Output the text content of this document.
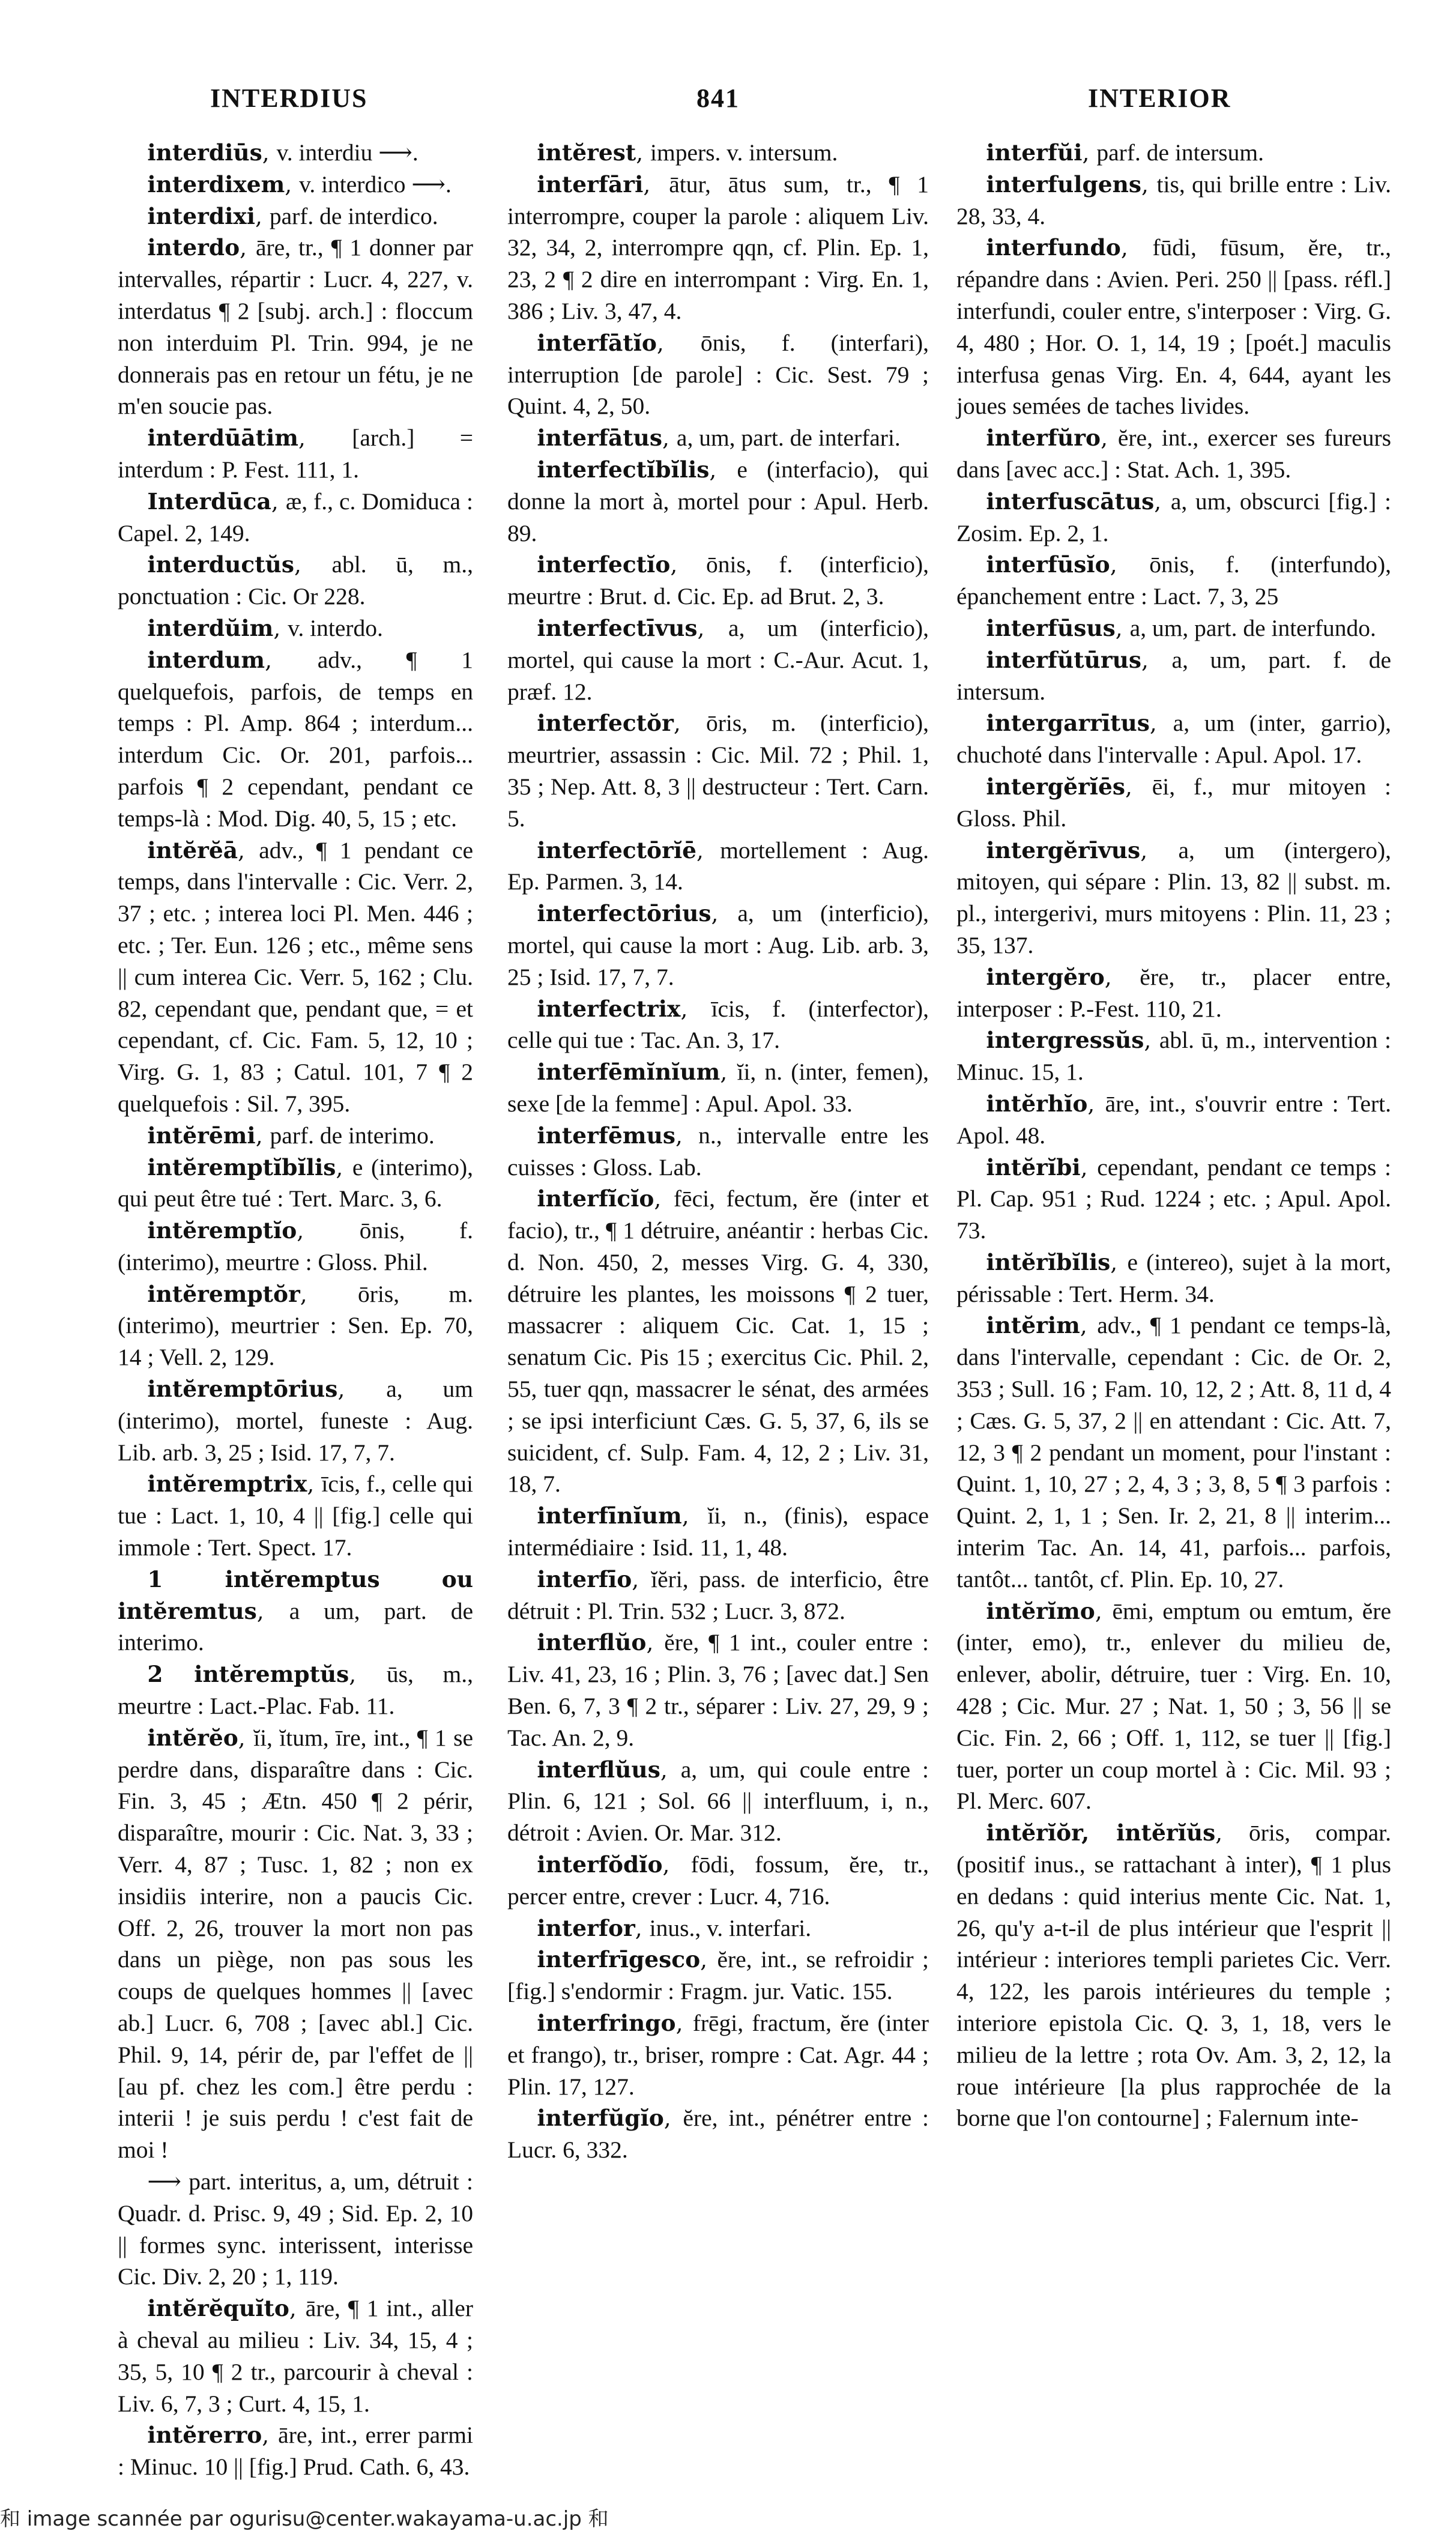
INTERDIUS	841	INTERIOR

interdiūs , v. interdiu ⟶.

interdixem , v. interdico ⟶.

interdixi , parf. de interdico.

interdo , āre, tr., ¶ 1 donner par intervalles, répartir : Lucr. 4, 227, v. interdatus ¶ 2 [subj. arch.] : floccum non interduim Pl. Trin. 994, je ne donnerais pas en retour un fétu, je ne m'en soucie pas.

interdūātim , [arch.] = interdum : P. Fest. 111, 1.

Interdūca , æ, f., c. Domiduca : Capel. 2, 149.

interductŭs , abl. ū, m., ponctuation : Cic. Or 228.

interdŭim , v. interdo.

interdum , adv., ¶ 1 quelquefois, parfois, de temps en temps : Pl. Amp. 864 ; interdum... interdum Cic. Or. 201, parfois... parfois ¶ 2 cependant, pendant ce temps-là : Mod. Dig. 40, 5, 15 ; etc.

intĕrĕā , adv., ¶ 1 pendant ce temps, dans l'intervalle : Cic. Verr. 2, 37 ; etc. ; interea loci Pl. Men. 446 ; etc. ; Ter. Eun. 126 ; etc., même sens || cum interea Cic. Verr. 5, 162 ; Clu. 82, cependant que, pendant que, = et cependant, cf. Cic. Fam. 5, 12, 10 ; Virg. G. 1, 83 ; Catul. 101, 7 ¶ 2 quelquefois : Sil. 7, 395.

intĕrēmi , parf. de interimo.

intĕremptĭbĭlis , e (interimo), qui peut être tué : Tert. Marc. 3, 6.

intĕremptĭo ,	ōnis, f. (interimo), meurtre : Gloss. Phil.

intĕremptŏr , ōris, m. (interimo), meurtrier : Sen. Ep. 70, 14 ; Vell. 2, 129.

intĕremptōrius , a, um (interimo), mortel, funeste : Aug. Lib. arb. 3, 25 ; Isid. 17, 7, 7.

intĕremptrix , īcis, f., celle qui tue : Lact. 1, 10, 4 || [fig.] celle qui immole : Tert. Spect. 17.

1 intĕremptus ou intĕremtus , a um, part. de interimo.

2 intĕremptŭs , ūs, m., meurtre : Lact.-Plac. Fab. 11.

intĕrĕo , ĭi, ĭtum, īre, int., ¶ 1 se perdre dans, disparaître dans : Cic. Fin. 3, 45 ; Ætn. 450 ¶ 2 périr, disparaître, mourir : Cic. Nat. 3, 33 ; Verr. 4, 87 ; Tusc. 1, 82 ; non ex insidiis interire, non a paucis Cic. Off. 2, 26, trouver la mort non pas dans un piège, non pas sous les coups de quelques hommes || [avec ab.] Lucr. 6, 708 ; [avec abl.] Cic. Phil. 9, 14, périr de, par l'effet de || [au pf. chez les com.] être perdu : interii ! je suis perdu ! c'est fait de moi !

⟶ part. interitus, a, um, détruit : Quadr. d. Prisc. 9, 49 ; Sid. Ep. 2, 10 || formes sync. interissent, interisse Cic. Div. 2, 20 ; 1, 119.

intĕrĕquĭto , āre, ¶ 1 int., aller à cheval au milieu : Liv. 34, 15, 4 ; 35, 5, 10 ¶ 2 tr., parcourir à cheval : Liv. 6, 7, 3 ; Curt. 4, 15, 1.

intĕrerro , āre, int., errer parmi : Minuc. 10 || [fig.] Prud. Cath. 6, 43.

intĕrest , impers. v. intersum.

interfāri , ātur, ātus sum, tr., ¶ 1 interrompre, couper la parole : aliquem Liv. 32, 34, 2, interrompre qqn, cf. Plin. Ep. 1, 23, 2 ¶ 2 dire en interrompant : Virg. En. 1, 386 ; Liv. 3, 47, 4.

interfātĭo , ōnis, f. (interfari), interruption [de parole] : Cic. Sest. 79 ; Quint. 4, 2, 50.

interfātus , a, um, part. de interfari.

interfectĭbĭlis , e (interfacio), qui donne la mort à, mortel pour : Apul. Herb. 89.

interfectĭo , ōnis, f. (interficio), meurtre : Brut. d. Cic. Ep. ad Brut. 2, 3.

interfectīvus , a, um (interficio), mortel, qui cause la mort : C.-Aur. Acut. 1, præf. 12.

interfectŏr , ōris, m. (interficio), meurtrier, assassin : Cic. Mil. 72 ; Phil. 1, 35 ; Nep. Att. 8, 3 || destructeur : Tert. Carn. 5.

interfectōrĭē , mortellement : Aug. Ep. Parmen. 3, 14.

interfectōrius , a, um (interficio), mortel, qui cause la mort : Aug. Lib. arb. 3, 25 ; Isid. 17, 7, 7.

interfectrix , īcis, f. (interfector), celle qui tue : Tac. An. 3, 17.

interfēmĭnĭum , ĭi, n. (inter, femen), sexe [de la femme] : Apul. Apol. 33.

interfēmus , n., intervalle entre les cuisses : Gloss. Lab.

interfĭcĭo , fēci, fectum, ĕre (inter et facio), tr., ¶ 1 détruire, anéantir : herbas Cic. d. Non. 450, 2, messes Virg. G. 4, 330, détruire les plantes, les moissons ¶ 2 tuer, massacrer : aliquem Cic. Cat. 1, 15 ; senatum Cic. Pis 15 ; exercitus Cic. Phil. 2, 55, tuer qqn, massacrer le sénat, des armées ; se ipsi interficiunt Cæs. G. 5, 37, 6, ils se suicident, cf. Sulp. Fam. 4, 12, 2 ; Liv. 31, 18, 7.

interfīnĭum , ĭi, n., (finis), espace intermédiaire : Isid. 11, 1, 48.

interfīo , ĭĕri, pass. de interficio, être détruit : Pl. Trin. 532 ; Lucr. 3, 872.

interflŭo , ĕre, ¶ 1 int., couler entre : Liv. 41, 23, 16 ; Plin. 3, 76 ; [avec dat.] Sen Ben. 6, 7, 3 ¶ 2 tr., séparer : Liv. 27, 29, 9 ; Tac. An. 2, 9.

interflŭus , a, um, qui coule entre : Plin. 6, 121 ; Sol. 66 || interfluum, i, n., détroit : Avien. Or. Mar. 312.

interfŏdĭo , fōdi, fossum, ĕre, tr., percer entre, crever : Lucr. 4, 716.

interfor , inus., v. interfari.

interfrīgesco , ĕre, int., se refroidir ; [fig.] s'endormir : Fragm. jur. Vatic. 155.

interfringo , frēgi, fractum, ĕre (inter et frango), tr., briser, rompre : Cat. Agr. 44 ; Plin. 17, 127.

interfŭgĭo , ĕre, int., pénétrer entre : Lucr. 6, 332.

interfŭi , parf. de intersum.

interfulgens , tis, qui brille entre : Liv. 28, 33, 4.

interfundo , fūdi, fūsum, ĕre, tr., répandre dans : Avien. Peri. 250 || [pass. réfl.] interfundi, couler entre, s'interposer : Virg. G. 4, 480 ; Hor. O. 1, 14, 19 ; [poét.] maculis interfusa genas Virg. En. 4, 644, ayant les joues semées de taches livides.

interfŭro , ĕre, int., exercer ses fureurs dans [avec acc.] : Stat. Ach. 1, 395.

interfuscātus , a, um, obscurci [fig.] : Zosim. Ep. 2, 1.

interfūsĭo , ōnis, f. (interfundo), épanchement entre : Lact. 7, 3, 25

interfūsus , a, um, part. de interfundo.

interfŭtūrus , a, um, part. f. de intersum.

intergarrītus , a, um (inter, garrio), chuchoté dans l'intervalle : Apul. Apol. 17.

intergĕrĭēs , ēi, f., mur mitoyen : Gloss. Phil.

intergĕrīvus , a, um (intergero), mitoyen, qui sépare : Plin. 13, 82 || subst. m. pl., intergerivi, murs mitoyens : Plin. 11, 23 ; 35, 137.

intergĕro , ĕre, tr., placer entre, interposer : P.-Fest. 110, 21.

intergressŭs , abl. ū, m., intervention : Minuc. 15, 1.

intĕrhĭo , āre, int., s'ouvrir entre : Tert. Apol. 48.

intĕrĭbi , cependant, pendant ce temps : Pl. Cap. 951 ; Rud. 1224 ; etc. ; Apul. Apol. 73.

intĕrĭbĭlis , e (intereo), sujet à la mort, périssable : Tert. Herm. 34.

intĕrim , adv., ¶ 1 pendant ce temps-là, dans l'intervalle, cependant : Cic. de Or. 2, 353 ; Sull. 16 ; Fam. 10, 12, 2 ; Att. 8, 11 d, 4 ; Cæs. G. 5, 37, 2 || en attendant : Cic. Att. 7, 12, 3 ¶ 2 pendant un moment, pour l'instant : Quint. 1, 10, 27 ; 2, 4, 3 ; 3, 8, 5 ¶ 3 parfois : Quint. 2, 1, 1 ; Sen. Ir. 2, 21, 8 || interim... interim Tac. An. 14, 41, parfois... parfois, tantôt... tantôt, cf. Plin. Ep. 10, 27.

intĕrĭmo , ēmi, emptum ou emtum, ĕre (inter, emo), tr., enlever du milieu de, enlever, abolir, détruire, tuer : Virg. En. 10, 428 ; Cic. Mur. 27 ; Nat. 1, 50 ; 3, 56 || se Cic. Fin. 2, 66 ; Off. 1, 112, se tuer || [fig.] tuer, porter un coup mortel à : Cic. Mil. 93 ; Pl. Merc. 607.

intĕrĭŏr, intĕrĭŭs , ōris, compar. (positif inus., se rattachant à inter), ¶ 1 plus en dedans : quid interius mente Cic. Nat. 1, 26, qu'y a-t-il de plus intérieur que l'esprit || intérieur : interiores templi parietes Cic. Verr. 4, 122, les parois intérieures du temple ; interiore epistola Cic. Q. 3, 1, 18, vers le milieu de la lettre ; rota Ov. Am. 3, 2, 12, la roue intérieure [la plus rapprochée de la borne que l'on contourne] ; Falernum inte-

和 image scannée par ogurisu@center.wakayama-u.ac.jp 和
